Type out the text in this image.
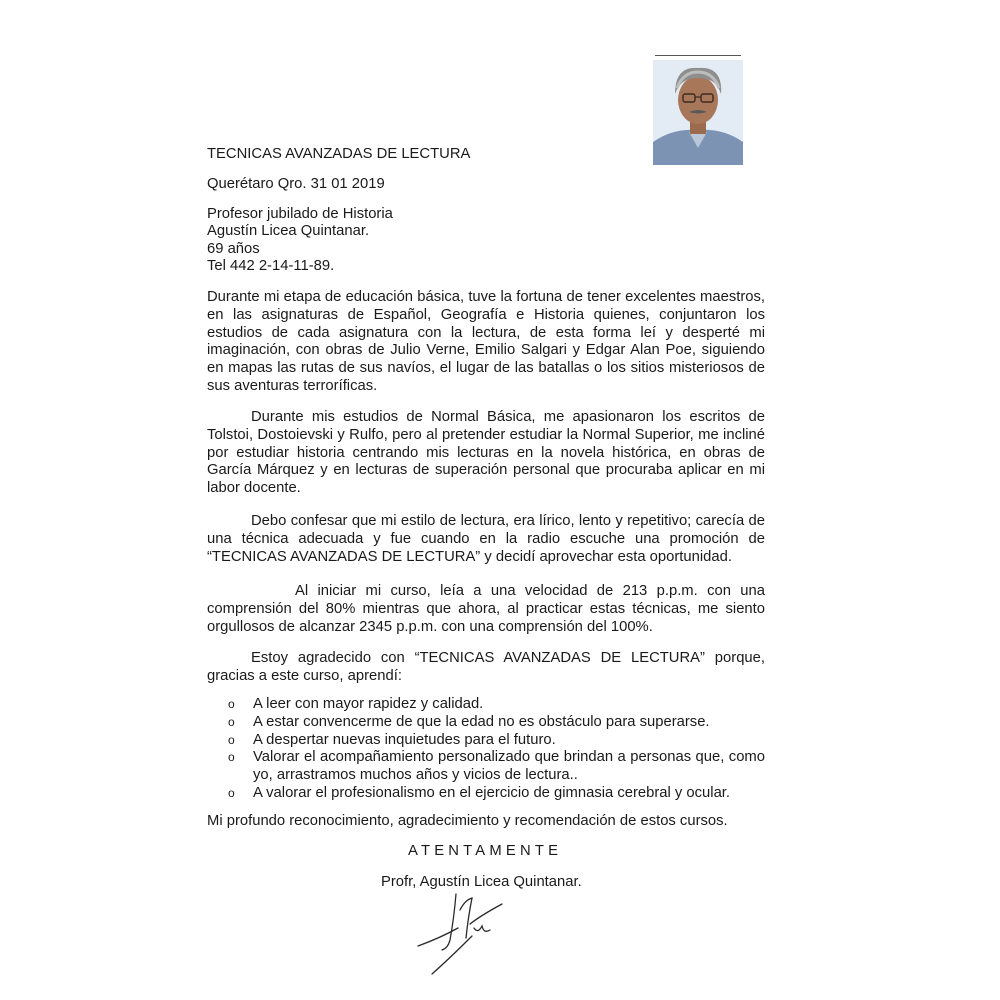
TECNICAS AVANZADAS DE LECTURA
Querétaro Qro. 31 01 2019
Profesor jubilado de Historia
Agustín Licea Quintanar.
69 años
Tel 442 2-14-11-89.

Durante mi etapa de educación básica, tuve la fortuna de tener excelentes maestros, en las asignaturas de Español, Geografía e Historia quienes, conjuntaron los estudios de cada asignatura con la lectura, de esta forma leí y desperté mi imaginación, con obras de Julio Verne, Emilio Salgari y Edgar Alan Poe, siguiendo en mapas las rutas de sus navíos, el lugar de las batallas o los sitios misteriosos de sus aventuras terroríficas.

Durante mis estudios de Normal Básica, me apasionaron los escritos de Tolstoi, Dostoievski y Rulfo, pero al pretender estudiar la Normal Superior, me incliné por estudiar historia centrando mis lecturas en la novela histórica, en obras de García Márquez y en lecturas de superación personal que procuraba aplicar en mi labor docente.

Debo confesar que mi estilo de lectura, era lírico, lento y repetitivo; carecía de una técnica adecuada y fue cuando en la radio escuche una promoción de “TECNICAS AVANZADAS DE LECTURA” y decidí aprovechar esta oportunidad.

Al iniciar mi curso, leía a una velocidad de 213 p.p.m. con una comprensión del 80% mientras que ahora, al practicar estas técnicas, me siento orgullosos de alcanzar 2345 p.p.m. con una comprensión del 100%.

Estoy agradecido con “TECNICAS AVANZADAS DE LECTURA” porque, gracias a este curso, aprendí:

o A leer con mayor rapidez y calidad.
o A estar convencerme de que la edad no es obstáculo para superarse.
o A despertar nuevas inquietudes para el futuro.
o Valorar el acompañamiento personalizado que brindan a personas que, como yo, arrastramos muchos años y vicios de lectura..
o A valorar el profesionalismo en el ejercicio de gimnasia cerebral y ocular.
Mi profundo reconocimiento, agradecimiento y recomendación de estos cursos.
ATENTAMENTE
Profr, Agustín Licea Quintanar.
